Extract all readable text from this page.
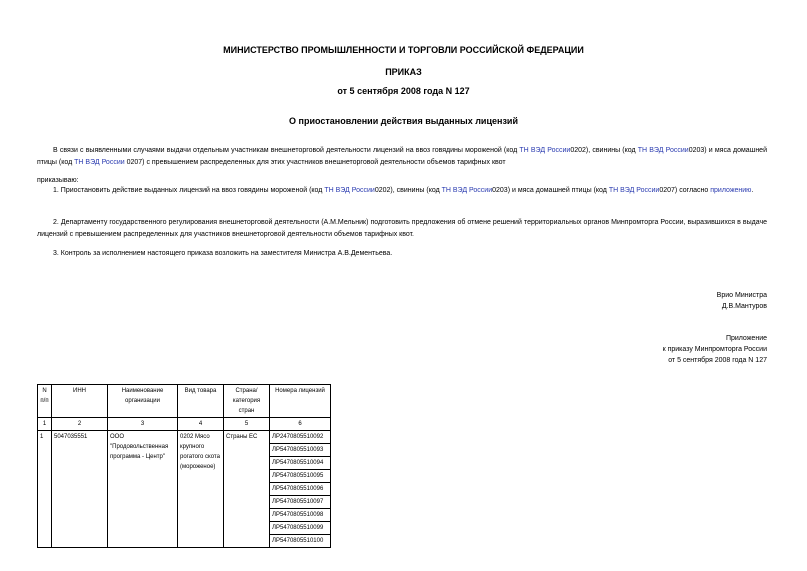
МИНИСТЕРСТВО ПРОМЫШЛЕННОСТИ И ТОРГОВЛИ РОССИЙСКОЙ ФЕДЕРАЦИИ
ПРИКАЗ
от 5 сентября 2008 года N 127
О приостановлении действия выданных лицензий
В связи с выявленными случаями выдачи отдельным участникам внешнеторговой деятельности лицензий на ввоз говядины мороженой (код ТН ВЭД России0202), свинины (код ТН ВЭД России0203) и мяса домашней птицы (код ТН ВЭД России 0207) с превышением распределенных для этих участников внешнеторговой деятельности объемов тарифных квот
приказываю:
1. Приостановить действие выданных лицензий на ввоз говядины мороженой (код ТН ВЭД России0202), свинины (код ТН ВЭД России0203) и мяса домашней птицы (код ТН ВЭД России0207) согласно приложению.
2. Департаменту государственного регулирования внешнеторговой деятельности (А.М.Мельник) подготовить предложения об отмене решений территориальных органов Минпромторга России, выразившихся в выдаче лицензий с превышением распределенных для участников внешнеторговой деятельности объемов тарифных квот.
3. Контроль за исполнением настоящего приказа возложить на заместителя Министра А.В.Дементьева.
Врио Министра
Д.В.Мантуров
Приложение
к приказу Минпромторга России
от 5 сентября 2008 года N 127
N п/п	ИНН	Наименование организации	Вид товара	Страна/ категория стран	Номера лицензий
1	2	3	4	5	6
1	5047035551	ООО "Продовольственная программа - Центр"	0202 Мясо крупного рогатого скота (мороженое)	Страны ЕС	ЛР2470805510092
					ЛР5470805510093
					ЛР5470805510094
					ЛР5470805510095
					ЛР5470805510096
					ЛР5470805510097
					ЛР5470805510098
					ЛР5470805510099
					ЛР5470805510100
